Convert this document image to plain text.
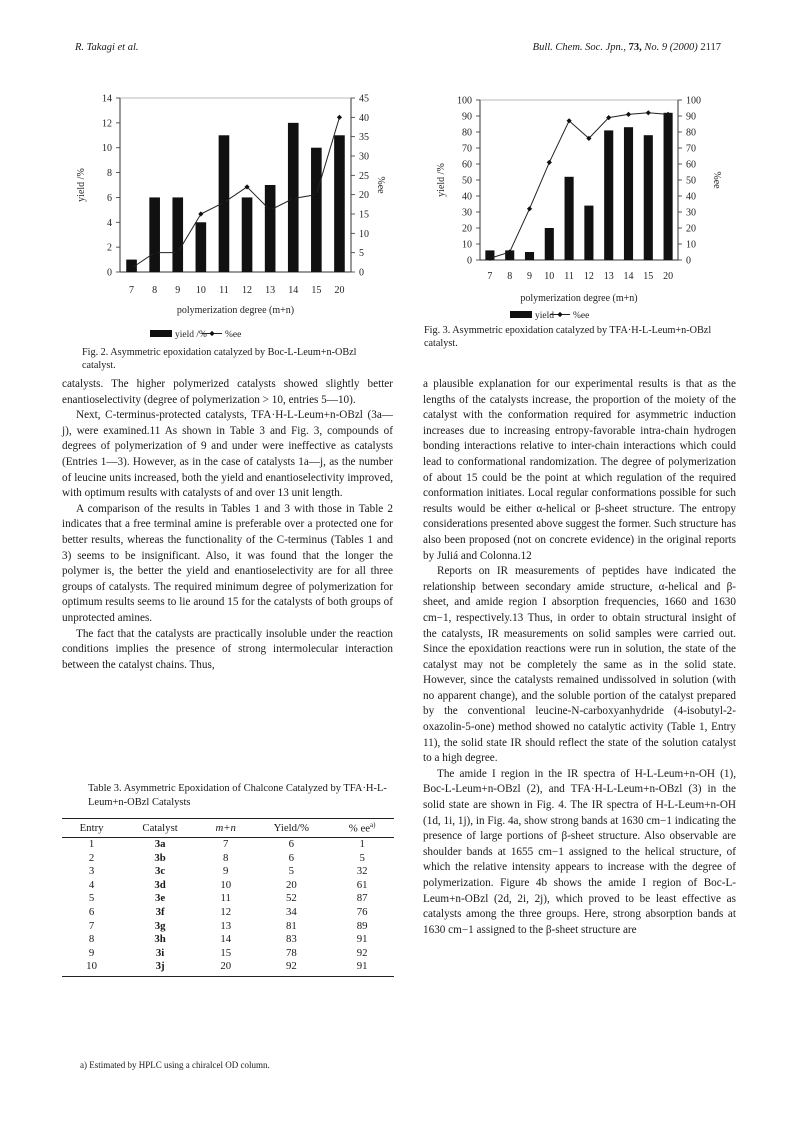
R. Takagi et al.	Bull. Chem. Soc. Jpn., 73, No. 9 (2000) 2117
0
2
4
6
8
10
12
14
0
5
10
15
20
25
30
35
40
45
7 8 9 10 11 12 13 14 15 20
yield /%	%ee
polymerization degree (m+n)
yield /% %ee
Fig. 2. Asymmetric epoxidation catalyzed by Boc-L-Leum+n-OBzl catalyst.
0
10
20
30
40
50
60
70
80
90
100
0
10
20
30
40
50
60
70
80
90
100
7 8 9 10 11 12 13 14 15 20
yield /%	%ee
polymerization degree (m+n)
yield %ee
Fig. 3. Asymmetric epoxidation catalyzed by TFA·H-L-Leum+n-OBzl catalyst.

catalysts. The higher polymerized catalysts showed slightly better enantioselectivity (degree of polymerization > 10, entries 5—10).

Next, C-terminus-protected catalysts, TFA·H-L-Leum+n-OBzl (3a—j), were examined.11 As shown in Table 3 and Fig. 3, compounds of degrees of polymerization of 9 and under were ineffective as catalysts (Entries 1—3). However, as in the case of catalysts 1a—j, as the number of leucine units increased, both the yield and enantioselectivity improved, with optimum results with catalysts of and over 13 unit length.

A comparison of the results in Tables 1 and 3 with those in Table 2 indicates that a free terminal amine is preferable over a protected one for better results, whereas the functionality of the C-terminus (Tables 1 and 3) seems to be insignificant. Also, it was found that the longer the polymer is, the better the yield and enantioselectivity are for all three groups of catalysts. The required minimum degree of polymerization for optimum results seems to lie around 15 for the catalysts of both groups of unprotected amines.

The fact that the catalysts are practically insoluble under the reaction conditions implies the presence of strong intermolecular interaction between the catalyst chains. Thus,

Table 3. Asymmetric Epoxidation of Chalcone Catalyzed by TFA·H-L-Leum+n-OBzl Catalysts
Entry	Catalyst	m+n	Yield/%	% $ee^{a)}$
1	3a	7	6	1
2	3b	8	6	5
3	3c	9	5	32
4	3d	10	20	61
5	3e	11	52	87
6	3f	12	34	76
7	3g	13	81	89
8	3h	14	83	91
9	3i	15	78	92
10	3j	20	92	91
a) Estimated by HPLC using a chiralcel OD column.

a plausible explanation for our experimental results is that as the lengths of the catalysts increase, the proportion of the moiety of the catalyst with the conformation required for asymmetric induction increases due to increasing entropy-favorable intra-chain hydrogen bonding interactions relative to inter-chain interactions which could lead to conformational randomization. The degree of polymerization of about 15 could be the point at which regulation of the required conformation initiates. Local regular conformations possible for such results would be either α-helical or β-sheet structure. The entropy considerations presented above suggest the former. Such structure has also been proposed (not on concrete evidence) in the original reports by Juliá and Colonna.12

Reports on IR measurements of peptides have indicated the relationship between secondary amide structure, α-helical and β-sheet, and amide region I absorption frequencies, 1660 and 1630 cm−1, respectively.13 Thus, in order to obtain structural insight of the catalysts, IR measurements on solid samples were carried out. Since the epoxidation reactions were run in solution, the state of the catalyst may not be completely the same as in the solid state. However, since the catalysts remained undissolved in solution (with no apparent change), and the soluble portion of the catalyst prepared by the conventional leucine-N-carboxyanhydride (4-isobutyl-2-oxazolin-5-one) method showed no catalytic activity (Table 1, Entry 11), the solid state IR should reflect the state of the solution catalyst to a high degree.

The amide I region in the IR spectra of H-L-Leum+n-OH (1), Boc-L-Leum+n-OBzl (2), and TFA·H-L-Leum+n-OBzl (3) in the solid state are shown in Fig. 4. The IR spectra of H-L-Leum+n-OH (1d, 1i, 1j), in Fig. 4a, show strong bands at 1630 cm−1 indicating the presence of large portions of β-sheet structure. Also observable are shoulder bands at 1655 cm−1 assigned to the helical structure, of which the relative intensity appears to increase with the degree of polymerization. Figure 4b shows the amide I region of Boc-L-Leum+n-OBzl (2d, 2i, 2j), which proved to be least effective as catalysts among the three groups. Here, strong absorption bands at 1630 cm−1 assigned to the β-sheet structure are
